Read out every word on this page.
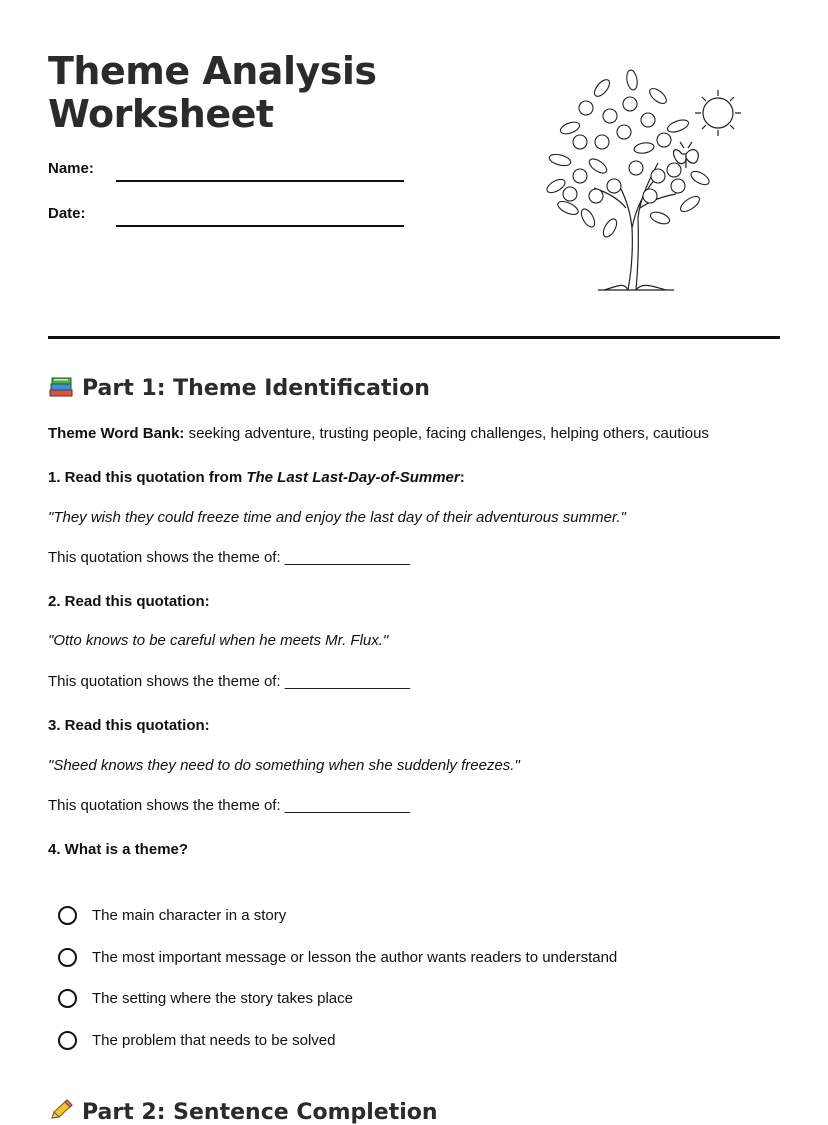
Theme Analysis
Worksheet
Name:
Date:
Part 1: Theme Identification
Theme Word Bank: seeking adventure, trusting people, facing challenges, helping others, cautious
1. Read this quotation from The Last Last-Day-of-Summer:
"They wish they could freeze time and enjoy the last day of their adventurous summer."
This quotation shows the theme of: _______________
2. Read this quotation:
"Otto knows to be careful when he meets Mr. Flux."
This quotation shows the theme of: _______________
3. Read this quotation:
"Sheed knows they need to do something when she suddenly freezes."
This quotation shows the theme of: _______________
4. What is a theme?
The main character in a story
The most important message or lesson the author wants readers to understand
The setting where the story takes place
The problem that needs to be solved
Part 2: Sentence Completion
